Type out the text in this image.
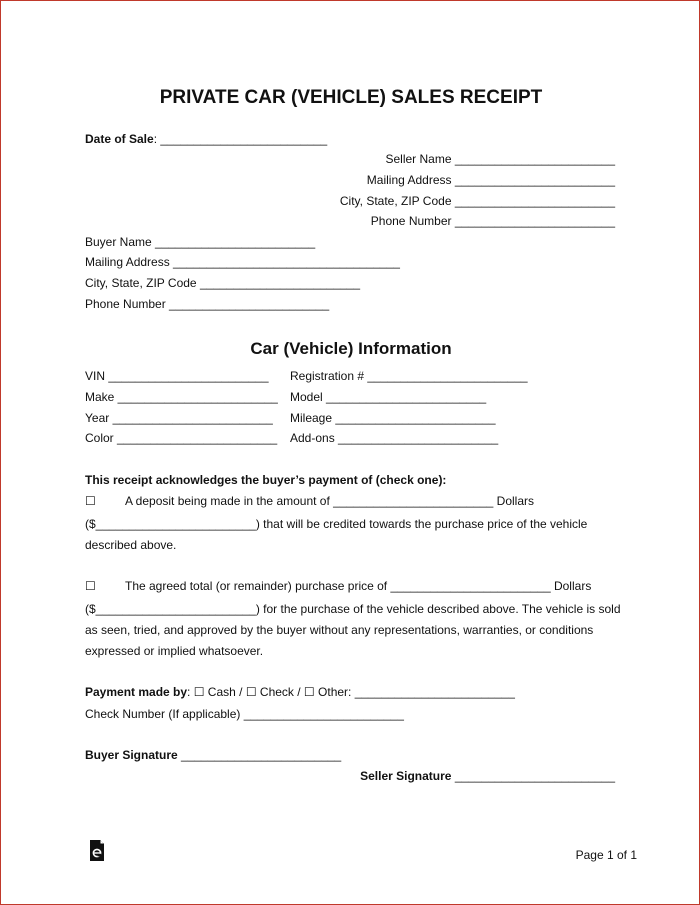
PRIVATE CAR (VEHICLE) SALES RECEIPT
Date of Sale: _________________________
Seller Name ________________________
Mailing Address ________________________
City, State, ZIP Code ________________________
Phone Number ________________________
Buyer Name ________________________
Mailing Address __________________________________
City, State, ZIP Code ________________________
Phone Number ________________________
Car (Vehicle) Information
VIN ________________________
Make ________________________
Year ________________________
Color ________________________
Registration # ________________________
Model ________________________
Mileage ________________________
Add-ons ________________________
This receipt acknowledges the buyer’s payment of (check one):
☐ A deposit being made in the amount of ________________________ Dollars
($________________________) that will be credited towards the purchase price of the vehicle
described above.
☐ The agreed total (or remainder) purchase price of ________________________ Dollars
($________________________) for the purchase of the vehicle described above. The vehicle is sold
as seen, tried, and approved by the buyer without any representations, warranties, or conditions
expressed or implied whatsoever.
Payment made by: ☐ Cash / ☐ Check / ☐ Other: ________________________
Check Number (If applicable) ________________________
Buyer Signature ________________________
Seller Signature ________________________
Page 1 of 1
